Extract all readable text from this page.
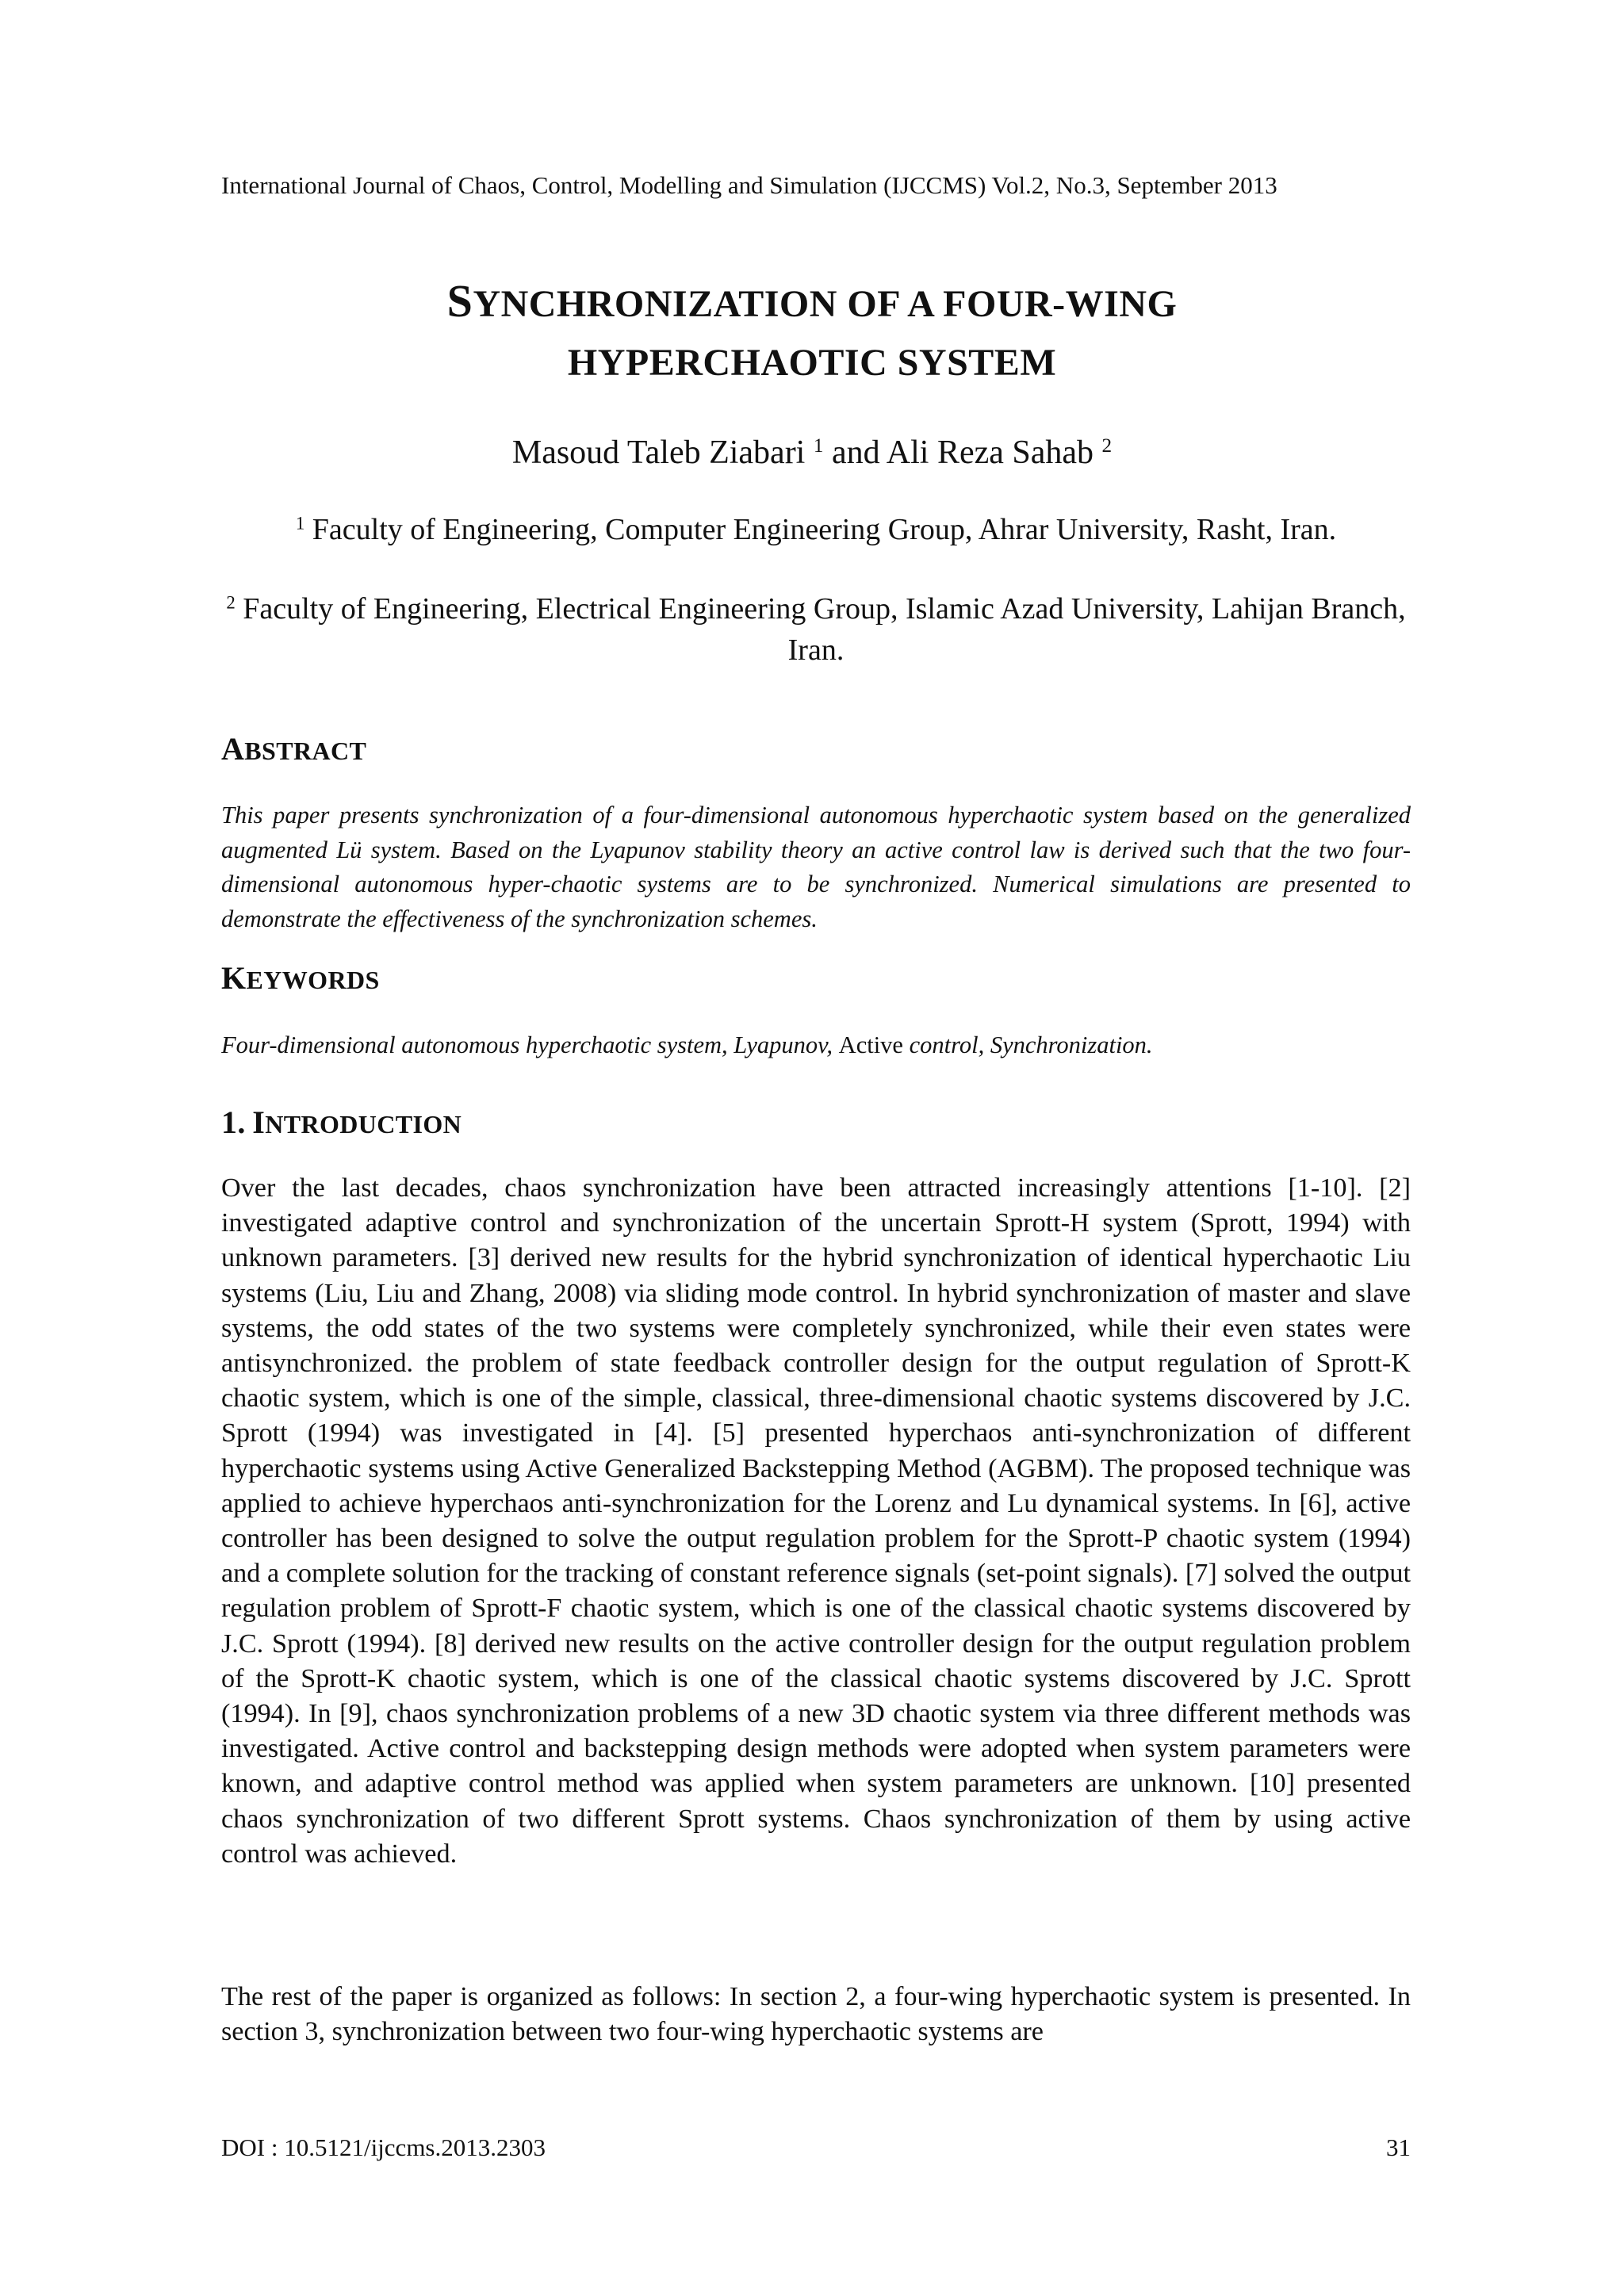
International Journal of Chaos, Control, Modelling and Simulation (IJCCMS) Vol.2, No.3, September 2013
SYNCHRONIZATION OF A FOUR-WING
HYPERCHAOTIC SYSTEM
Masoud Taleb Ziabari $^1$ and Ali Reza Sahab $^2$
$^1$ Faculty of Engineering, Computer Engineering Group, Ahrar University, Rasht, Iran.
$^2$ Faculty of Engineering, Electrical Engineering Group, Islamic Azad University, Lahijan Branch, Iran.
ABSTRACT
This paper presents synchronization of a four-dimensional autonomous hyperchaotic system based on the generalized augmented Lü system. Based on the Lyapunov stability theory an active control law is derived such that the two four-dimensional autonomous hyper-chaotic systems are to be synchronized. Numerical simulations are presented to demonstrate the effectiveness of the synchronization schemes.
KEYWORDS
Four-dimensional autonomous hyperchaotic system, Lyapunov, Active control, Synchronization.
1. INTRODUCTION
Over the last decades, chaos synchronization have been attracted increasingly attentions [1-10]. [2] investigated adaptive control and synchronization of the uncertain Sprott-H system (Sprott, 1994) with unknown parameters. [3] derived new results for the hybrid synchronization of identical hyperchaotic Liu systems (Liu, Liu and Zhang, 2008) via sliding mode control. In hybrid synchronization of master and slave systems, the odd states of the two systems were completely synchronized, while their even states were antisynchronized. the problem of state feedback controller design for the output regulation of Sprott-K chaotic system, which is one of the simple, classical, three-dimensional chaotic systems discovered by J.C. Sprott (1994) was investigated in [4]. [5] presented hyperchaos anti-synchronization of different hyperchaotic systems using Active Generalized Backstepping Method (AGBM). The proposed technique was applied to achieve hyperchaos anti-synchronization for the Lorenz and Lu dynamical systems. In [6], active controller has been designed to solve the output regulation problem for the Sprott-P chaotic system (1994) and a complete solution for the tracking of constant reference signals (set-point signals). [7] solved the output regulation problem of Sprott-F chaotic system, which is one of the classical chaotic systems discovered by J.C. Sprott (1994). [8] derived new results on the active controller design for the output regulation problem of the Sprott-K chaotic system, which is one of the classical chaotic systems discovered by J.C. Sprott (1994). In [9], chaos synchronization problems of a new 3D chaotic system via three different methods was investigated. Active control and backstepping design methods were adopted when system parameters were known, and adaptive control method was applied when system parameters are unknown. [10] presented chaos synchronization of two different Sprott systems. Chaos synchronization of them by using active control was achieved.
The rest of the paper is organized as follows: In section 2, a four-wing hyperchaotic system is presented. In section 3, synchronization between two four-wing hyperchaotic systems are
DOI : 10.5121/ijccms.2013.2303	31
